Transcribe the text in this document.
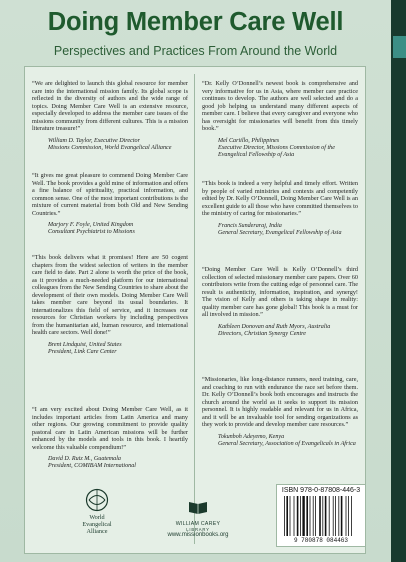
Doing Member Care Well
Perspectives and Practices From Around the World
“We are delighted to launch this global resource for member care into the international mission family. Its global scope is reflected in the diversity of authors and the wide range of topics. Doing Member Care Well is an extensive resource, especially developed to address the member care issues of the missions community from different cultures. This is a mission literature treasure!”
William D. Taylor, Executive Director
Missions Commission, World Evangelical Alliance
“It gives me great pleasure to commend Doing Member Care Well. The book provides a gold mine of information and offers a fine balance of spirituality, practical information, and common sense. One of the most important contributions is the mixture of current material from both Old and New Sending Countries.”
Marjory F. Foyle, United Kingdom
Consultant Psychiatrist to Missions
“This book delivers what it promises! Here are 50 cogent chapters from the widest selection of writers in the member care field to date. Part 2 alone is worth the price of the book, as it provides a much-needed platform for our international colleagues from the New Sending Countries to share about the development of their own models. Doing Member Care Well takes member care beyond its usual boundaries. It internationalizes this field of service, and it increases our resources for Christian workers by including perspectives from the humanitarian aid, human resource, and international health care sectors. Well done!”
Brent Lindquist, United States
President, Link Care Center
“I am very excited about Doing Member Care Well, as it includes important articles from Latin America and many other regions. Our growing commitment to provide quality pastoral care in Latin American missions will be further enhanced by the models and tools in this book. I heartily welcome this valuable compendium!”
David D. Ruiz M., Guatemala
President, COMIBAM International
“Dr. Kelly O’Donnell’s newest book is comprehensive and very informative for us in Asia, where member care practice continues to develop. The authors are well selected and do a good job helping us understand many different aspects of member care. I believe that every caregiver and everyone who has oversight for missionaries will benefit from this timely book.”
Mel Cariillo, Philippines
Executive Director, Missions Commission of the Evangelical Fellowship of Asia
“This book is indeed a very helpful and timely effort. Written by people of varied ministries and contexts and competently edited by Dr. Kelly O’Donnell, Doing Member Care Well is an excellent guide to all those who have committed themselves to the ministry of caring for missionaries.”
Francis Sunderaraj, India
General Secretary, Evangelical Fellowship of Asia
“Doing Member Care Well is Kelly O’Donnell’s third collection of selected missionary member care papers. Over 60 contributors write from the cutting edge of personnel care. The result is authenticity, information, inspiration, and synergy! The vision of Kelly and others is taking shape in reality: quality member care has gone global! This book is a must for all involved in mission.”
Kathleen Donovan and Ruth Myors, Australia
Directors, Christian Synergy Centre
“Missionaries, like long-distance runners, need training, care, and coaching to run with endurance the race set before them. Dr. Kelly O’Donnell’s book both encourages and instructs the church around the world as it seeks to support its mission personnel. It is highly readable and relevant for us in Africa, and it will be an invaluable tool for sending organizations as they work to provide and develop member care resources.”
Tokunboh Adeyemo, Kenya
General Secretary, Association of Evangelicals in Africa
World
Evangelical
Alliance
WILLIAM CAREY
LIBRARY
www.missionbooks.org
ISBN 978-0-87808-446-3
9 780878 084463
